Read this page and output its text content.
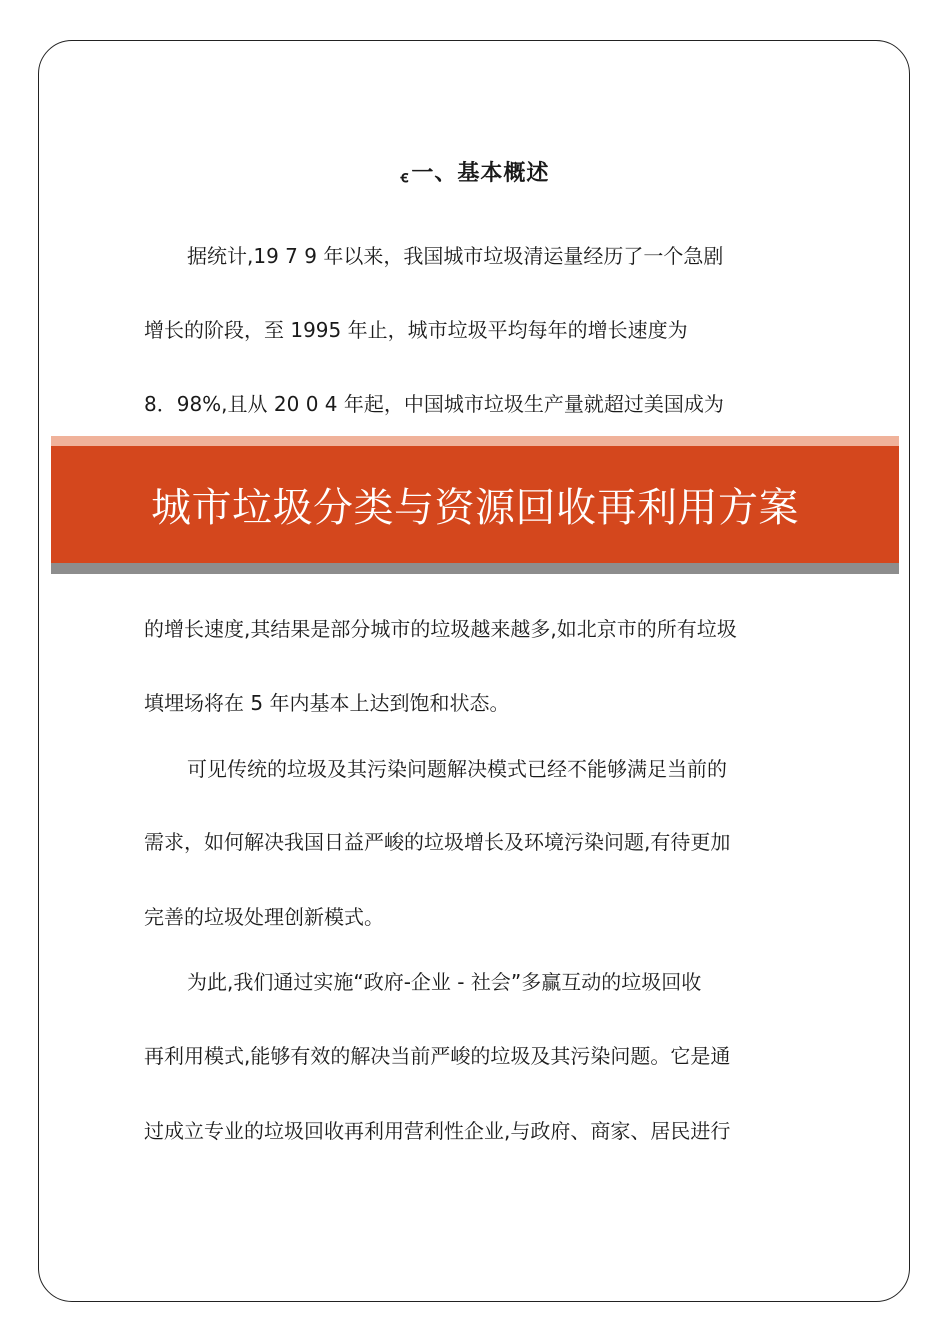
ꞓ一、基本概述
据统计,19 7 9 年以来，我国城市垃圾清运量经历了一个急剧
增长的阶段，至 1995 年止，城市垃圾平均每年的增长速度为
8．98%,且从 20 0 4 年起，中国城市垃圾生产量就超过美国成为
城市垃圾分类与资源回收再利用方案
的增长速度,其结果是部分城市的垃圾越来越多,如北京市的所有垃圾
填埋场将在 5 年内基本上达到饱和状态。
可见传统的垃圾及其污染问题解决模式已经不能够满足当前的
需求，如何解决我国日益严峻的垃圾增长及环境污染问题,有待更加
完善的垃圾处理创新模式。
为此,我们通过实施“政府-企业 - 社会”多赢互动的垃圾回收
再利用模式,能够有效的解决当前严峻的垃圾及其污染问题。它是通
过成立专业的垃圾回收再利用营利性企业,与政府、商家、居民进行
